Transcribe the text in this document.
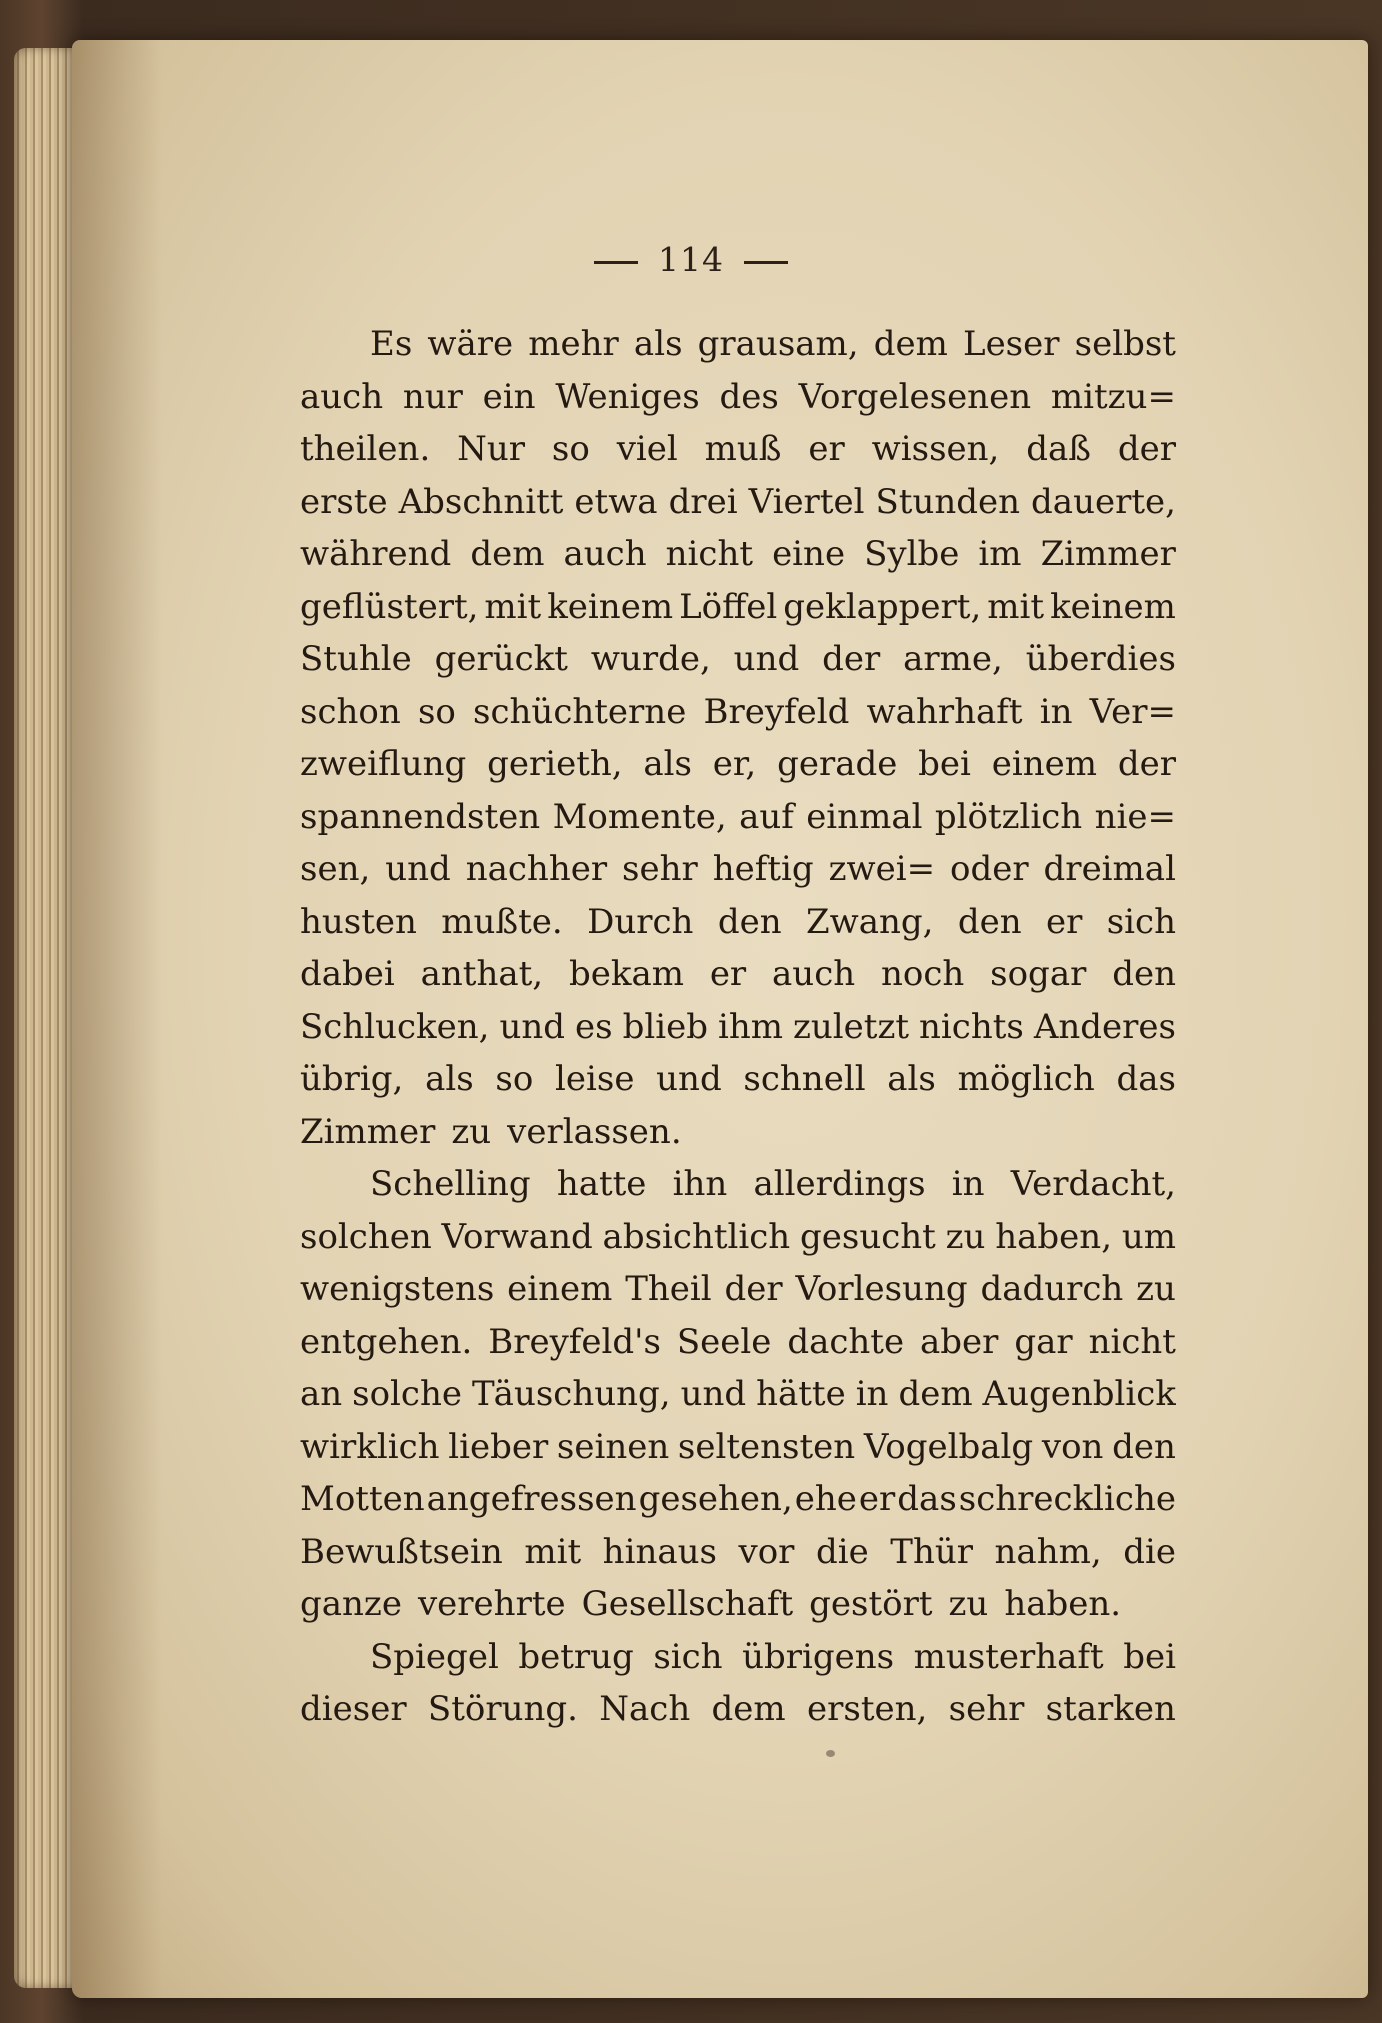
114
Es wäre mehr als grausam, dem Leser selbst
auch nur ein Weniges des Vorgelesenen mitzu=
theilen. Nur so viel muß er wissen, daß der
erste Abschnitt etwa drei Viertel Stunden dauerte,
während dem auch nicht eine Sylbe im Zimmer
geflüstert, mit keinem Löffel geklappert, mit keinem
Stuhle gerückt wurde, und der arme, überdies
schon so schüchterne Breyfeld wahrhaft in Ver=
zweiflung gerieth, als er, gerade bei einem der
spannendsten Momente, auf einmal plötzlich nie=
sen, und nachher sehr heftig zwei= oder dreimal
husten mußte. Durch den Zwang, den er sich
dabei anthat, bekam er auch noch sogar den
Schlucken, und es blieb ihm zuletzt nichts Anderes
übrig, als so leise und schnell als möglich das
Zimmer zu verlassen.
Schelling hatte ihn allerdings in Verdacht,
solchen Vorwand absichtlich gesucht zu haben, um
wenigstens einem Theil der Vorlesung dadurch zu
entgehen. Breyfeld's Seele dachte aber gar nicht
an solche Täuschung, und hätte in dem Augenblick
wirklich lieber seinen seltensten Vogelbalg von den
Motten angefressen gesehen, ehe er das schreckliche
Bewußtsein mit hinaus vor die Thür nahm, die
ganze verehrte Gesellschaft gestört zu haben.
Spiegel betrug sich übrigens musterhaft bei
dieser Störung. Nach dem ersten, sehr starken
